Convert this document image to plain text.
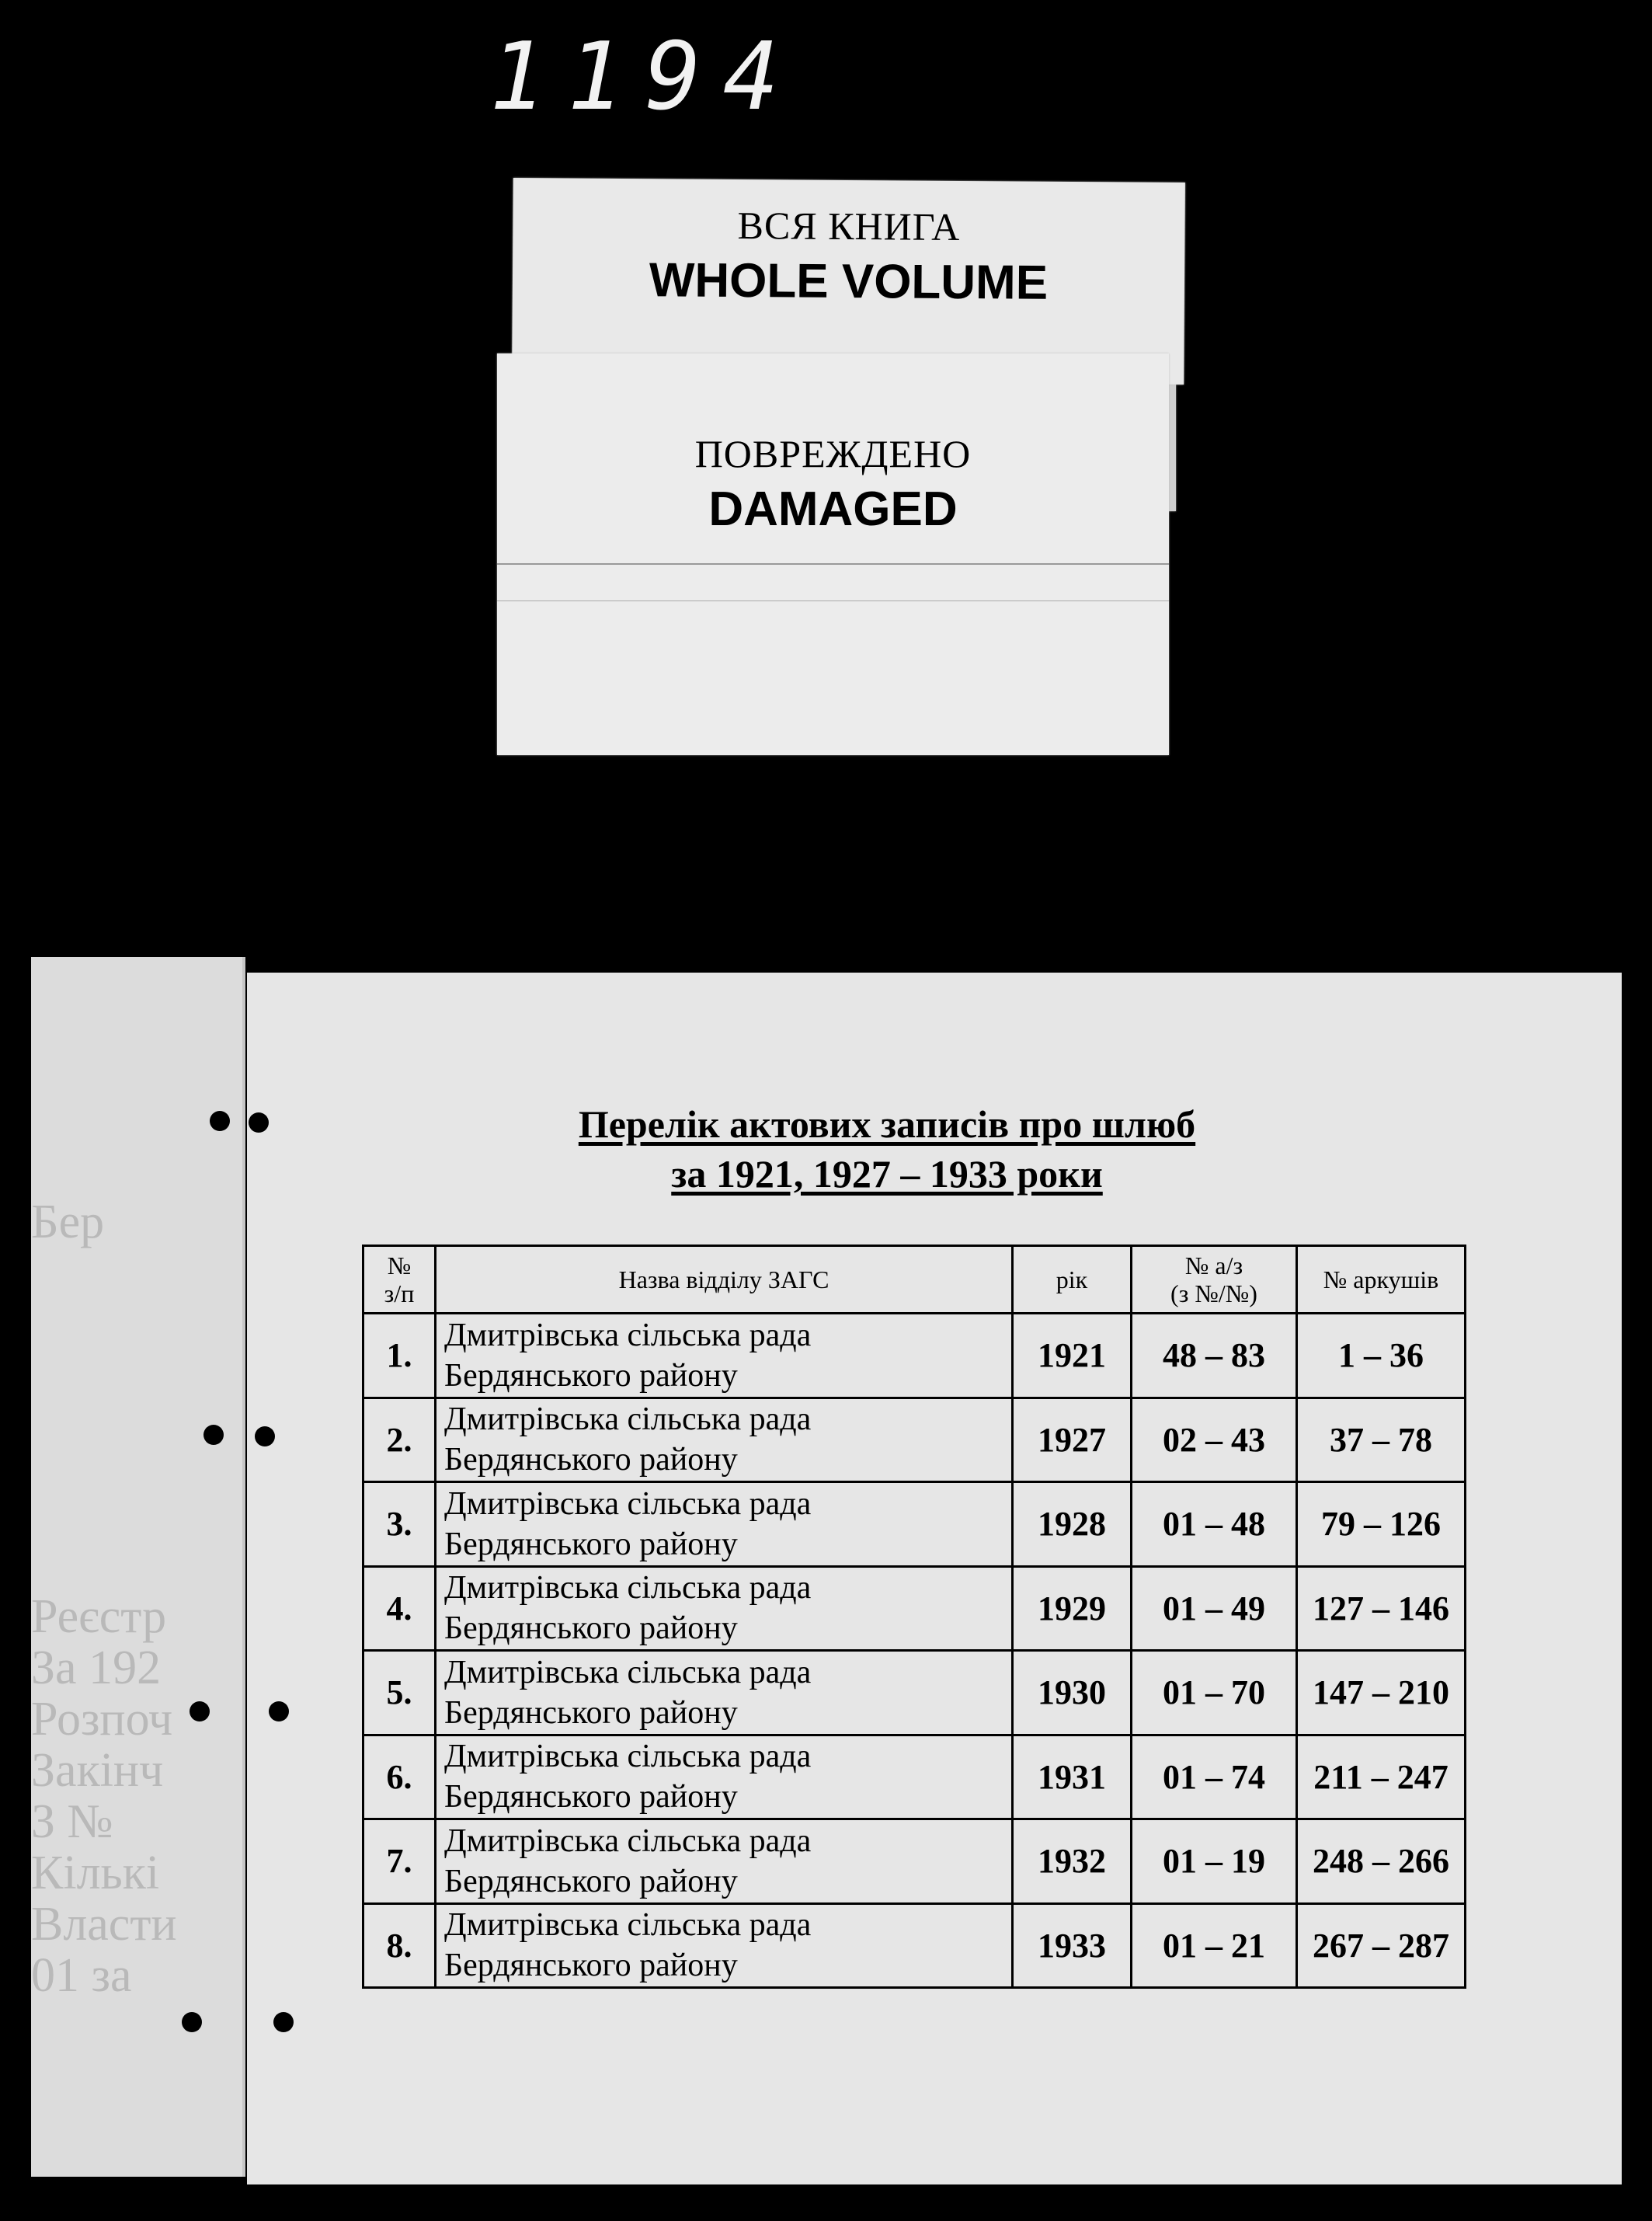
1194
ВСЯ КНИГА
WHOLE VOLUME
ПОВРЕЖДЕНО
DAMAGED
Бер
Реєстр
За 192
Розпоч
Закінч
З №
Кількі
Власти
01 за
Перелік актових записів про шлюб
за 1921, 1927 – 1933 роки
№
з/п	Назва відділу ЗАГС	рік	№ а/з
(з №/№)	№ аркушів
1.	Дмитрівська сільська рада
Бердянського району	1921	48 – 83	1 – 36
2.	Дмитрівська сільська рада
Бердянського району	1927	02 – 43	37 – 78
3.	Дмитрівська сільська рада
Бердянського району	1928	01 – 48	79 – 126
4.	Дмитрівська сільська рада
Бердянського району	1929	01 – 49	127 – 146
5.	Дмитрівська сільська рада
Бердянського району	1930	01 – 70	147 – 210
6.	Дмитрівська сільська рада
Бердянського району	1931	01 – 74	211 – 247
7.	Дмитрівська сільська рада
Бердянського району	1932	01 – 19	248 – 266
8.	Дмитрівська сільська рада
Бердянського району	1933	01 – 21	267 – 287
